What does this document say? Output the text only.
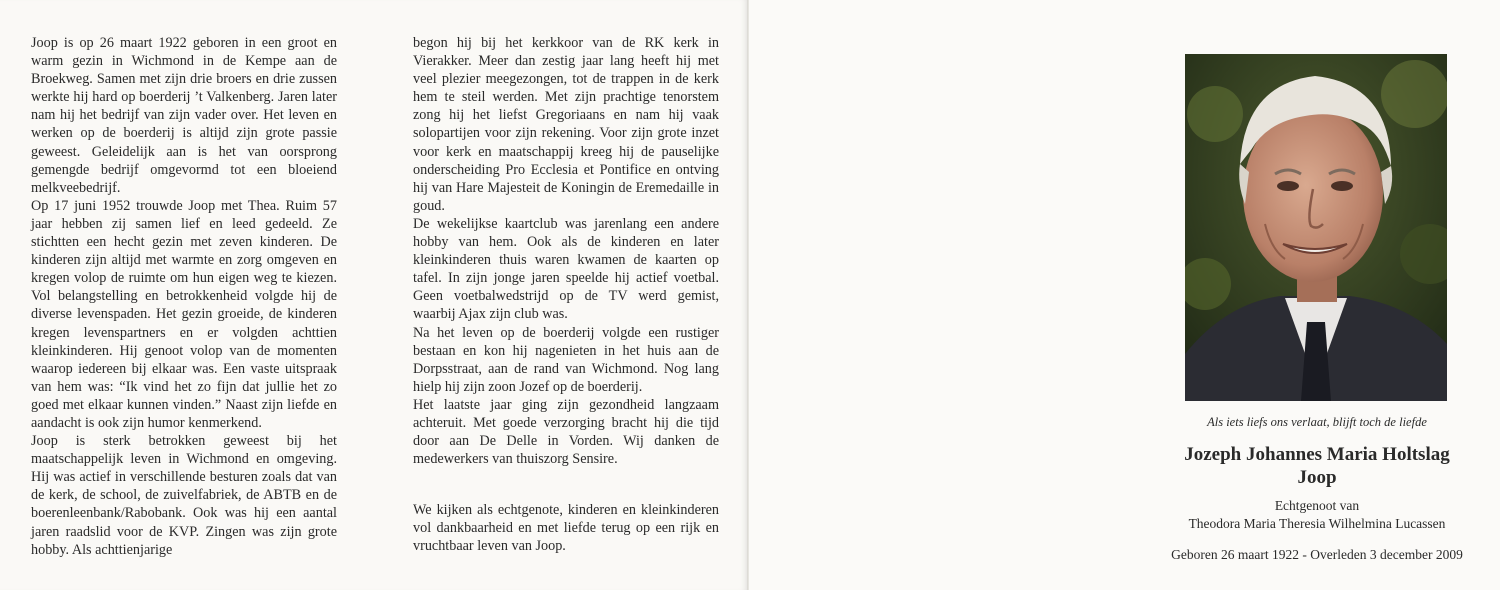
Joop is op 26 maart 1922 geboren in een groot en warm gezin in Wichmond in de Kempe aan de Broekweg. Samen met zijn drie broers en drie zussen werkte hij hard op boerderij ’t Valkenberg. Jaren later nam hij het bedrijf van zijn vader over. Het leven en werken op de boerderij is altijd zijn grote passie geweest. Geleidelijk aan is het van oorsprong gemengde bedrijf omgevormd tot een bloeiend melkveebedrijf.

Op 17 juni 1952 trouwde Joop met Thea. Ruim 57 jaar hebben zij samen lief en leed gedeeld. Ze stichtten een hecht gezin met zeven kinderen. De kinderen zijn altijd met warmte en zorg omgeven en kregen volop de ruimte om hun eigen weg te kiezen. Vol belangstelling en betrokkenheid volgde hij de diverse levenspaden. Het gezin groeide, de kinderen kregen levenspartners en er volgden achttien kleinkinderen. Hij genoot volop van de momenten waarop iedereen bij elkaar was. Een vaste uitspraak van hem was: “Ik vind het zo fijn dat jullie het zo goed met elkaar kunnen vinden.” Naast zijn liefde en aandacht is ook zijn humor kenmerkend.

Joop is sterk betrokken geweest bij het maatschappelijk leven in Wichmond en omgeving. Hij was actief in verschillende besturen zoals dat van de kerk, de school, de zuivelfabriek, de ABTB en de boerenleenbank/Rabobank. Ook was hij een aantal jaren raadslid voor de KVP. Zingen was zijn grote hobby. Als achttienjarige

begon hij bij het kerkkoor van de RK kerk in Vierakker. Meer dan zestig jaar lang heeft hij met veel plezier meegezongen, tot de trappen in de kerk hem te steil werden. Met zijn prachtige tenorstem zong hij het liefst Gregoriaans en nam hij vaak solopartijen voor zijn rekening. Voor zijn grote inzet voor kerk en maatschappij kreeg hij de pauselijke onderscheiding Pro Ecclesia et Pontifice en ontving hij van Hare Majesteit de Koningin de Eremedaille in goud.

De wekelijkse kaartclub was jarenlang een andere hobby van hem. Ook als de kinderen en later kleinkinderen thuis waren kwamen de kaarten op tafel. In zijn jonge jaren speelde hij actief voetbal. Geen voetbalwedstrijd op de TV werd gemist, waarbij Ajax zijn club was.

Na het leven op de boerderij volgde een rustiger bestaan en kon hij nagenieten in het huis aan de Dorpsstraat, aan de rand van Wichmond. Nog lang hielp hij zijn zoon Jozef op de boerderij.

Het laatste jaar ging zijn gezondheid langzaam achteruit. Met goede verzorging bracht hij die tijd door aan De Delle in Vorden. Wij danken de medewerkers van thuiszorg Sensire.

We kijken als echtgenote, kinderen en kleinkinderen vol dankbaarheid en met liefde terug op een rijk en vruchtbaar leven van Joop.

Als iets liefs ons verlaat, blijft toch de liefde
Jozeph Johannes Maria Holtslag
Joop
Echtgenoot van
Theodora Maria Theresia Wilhelmina Lucassen
Geboren 26 maart 1922 - Overleden 3 december 2009
